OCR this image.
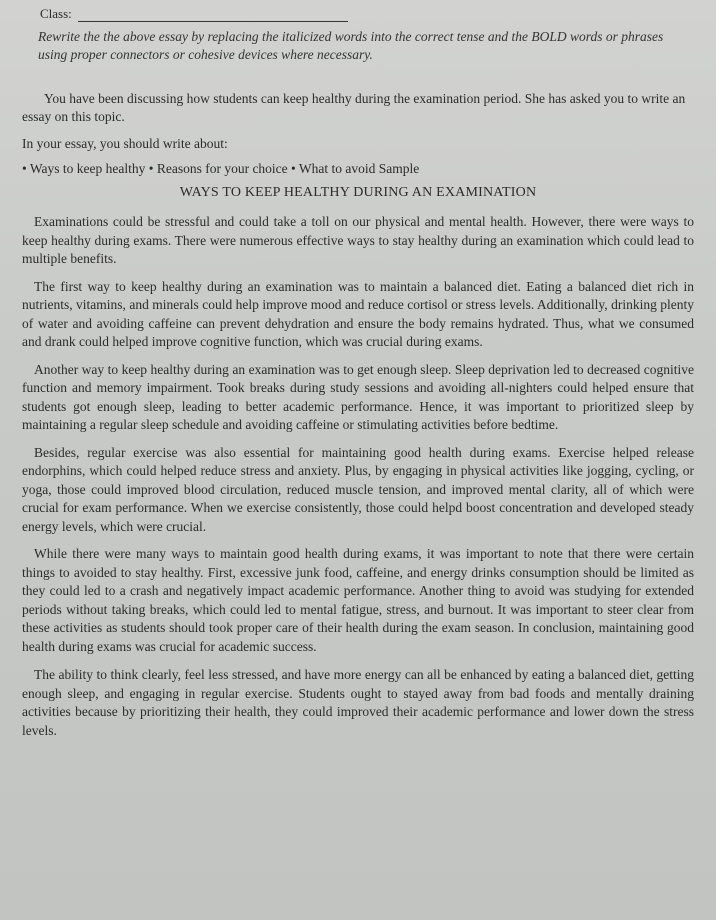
Class:
Rewrite the the above essay by replacing the italicized words into the correct tense and the BOLD words or phrases using proper connectors or cohesive devices where necessary.
You have been discussing how students can keep healthy during the examination period. She has asked you to write an essay on this topic.
In your essay, you should write about:
• Ways to keep healthy • Reasons for your choice • What to avoid Sample
WAYS TO KEEP HEALTHY DURING AN EXAMINATION
Examinations could be stressful and could take a toll on our physical and mental health. However, there were ways to keep healthy during exams. There were numerous effective ways to stay healthy during an examination which could lead to multiple benefits.
The first way to keep healthy during an examination was to maintain a balanced diet. Eating a balanced diet rich in nutrients, vitamins, and minerals could help improve mood and reduce cortisol or stress levels. Additionally, drinking plenty of water and avoiding caffeine can prevent dehydration and ensure the body remains hydrated. Thus, what we consumed and drank could helped improve cognitive function, which was crucial during exams.
Another way to keep healthy during an examination was to get enough sleep. Sleep deprivation led to decreased cognitive function and memory impairment. Took breaks during study sessions and avoiding all-nighters could helped ensure that students got enough sleep, leading to better academic performance. Hence, it was important to prioritized sleep by maintaining a regular sleep schedule and avoiding caffeine or stimulating activities before bedtime.
Besides, regular exercise was also essential for maintaining good health during exams. Exercise helped release endorphins, which could helped reduce stress and anxiety. Plus, by engaging in physical activities like jogging, cycling, or yoga, those could improved blood circulation, reduced muscle tension, and improved mental clarity, all of which were crucial for exam performance. When we exercise consistently, those could helpd boost concentration and developed steady energy levels, which were crucial.
While there were many ways to maintain good health during exams, it was important to note that there were certain things to avoided to stay healthy. First, excessive junk food, caffeine, and energy drinks consumption should be limited as they could led to a crash and negatively impact academic performance. Another thing to avoid was studying for extended periods without taking breaks, which could led to mental fatigue, stress, and burnout. It was important to steer clear from these activities as students should took proper care of their health during the exam season. In conclusion, maintaining good health during exams was crucial for academic success.
The ability to think clearly, feel less stressed, and have more energy can all be enhanced by eating a balanced diet, getting enough sleep, and engaging in regular exercise. Students ought to stayed away from bad foods and mentally draining activities because by prioritizing their health, they could improved their academic performance and lower down the stress levels.
